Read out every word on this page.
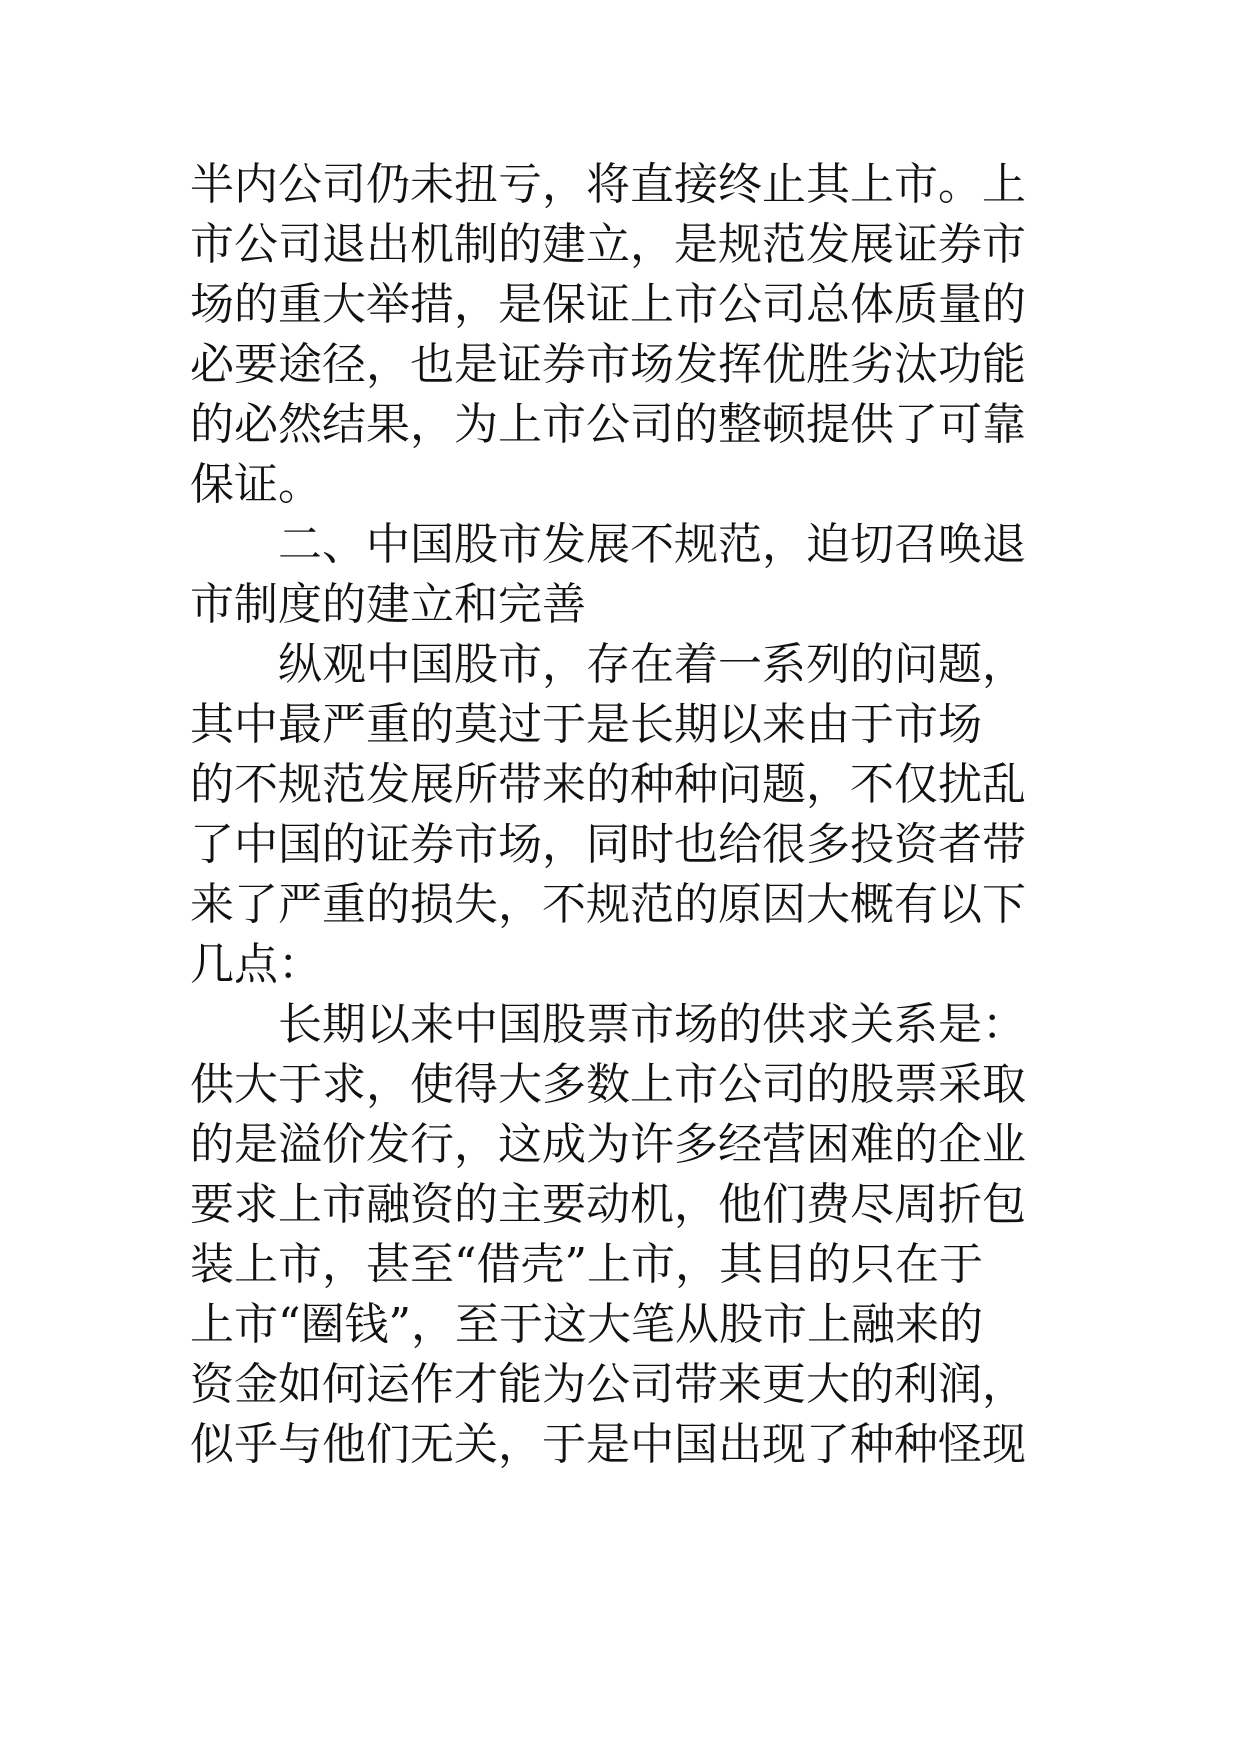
半内公司仍未扭亏，将直接终止其上市。上
市公司退出机制的建立，是规范发展证券市
场的重大举措，是保证上市公司总体质量的
必要途径，也是证券市场发挥优胜劣汰功能
的必然结果，为上市公司的整顿提供了可靠
保证。
二、中国股市发展不规范，迫切召唤退
市制度的建立和完善
纵观中国股市，存在着一系列的问题，
其中最严重的莫过于是长期以来由于市场
的不规范发展所带来的种种问题，不仅扰乱
了中国的证券市场，同时也给很多投资者带
来了严重的损失，不规范的原因大概有以下
几点：
长期以来中国股票市场的供求关系是：
供大于求，使得大多数上市公司的股票采取
的是溢价发行，这成为许多经营困难的企业
要求上市融资的主要动机，他们费尽周折包
装上市，甚至“借壳”上市，其目的只在于
上市“圈钱”，至于这大笔从股市上融来的
资金如何运作才能为公司带来更大的利润，
似乎与他们无关，于是中国出现了种种怪现
